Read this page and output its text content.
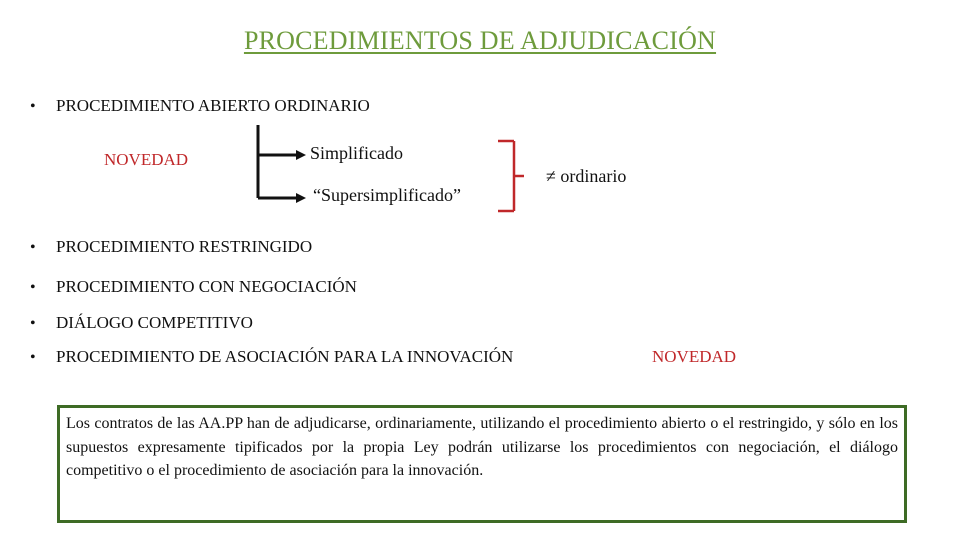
PROCEDIMIENTOS DE ADJUDICACIÓN
•	PROCEDIMIENTO ABIERTO ORDINARIO
NOVEDAD	Simplificado
“Supersimplificado”
≠ ordinario
•	PROCEDIMIENTO RESTRINGIDO
•	PROCEDIMIENTO CON NEGOCIACIÓN
•	DIÁLOGO COMPETITIVO
•	PROCEDIMIENTO DE ASOCIACIÓN PARA LA INNOVACIÓN	NOVEDAD
Los contratos de las AA.PP han de adjudicarse, ordinariamente, utilizando el procedimiento abierto o el restringido, y sólo en los supuestos expresamente tipificados por la propia Ley podrán utilizarse los procedimientos con negociación, el diálogo competitivo o el procedimiento de asociación para la innovación.
